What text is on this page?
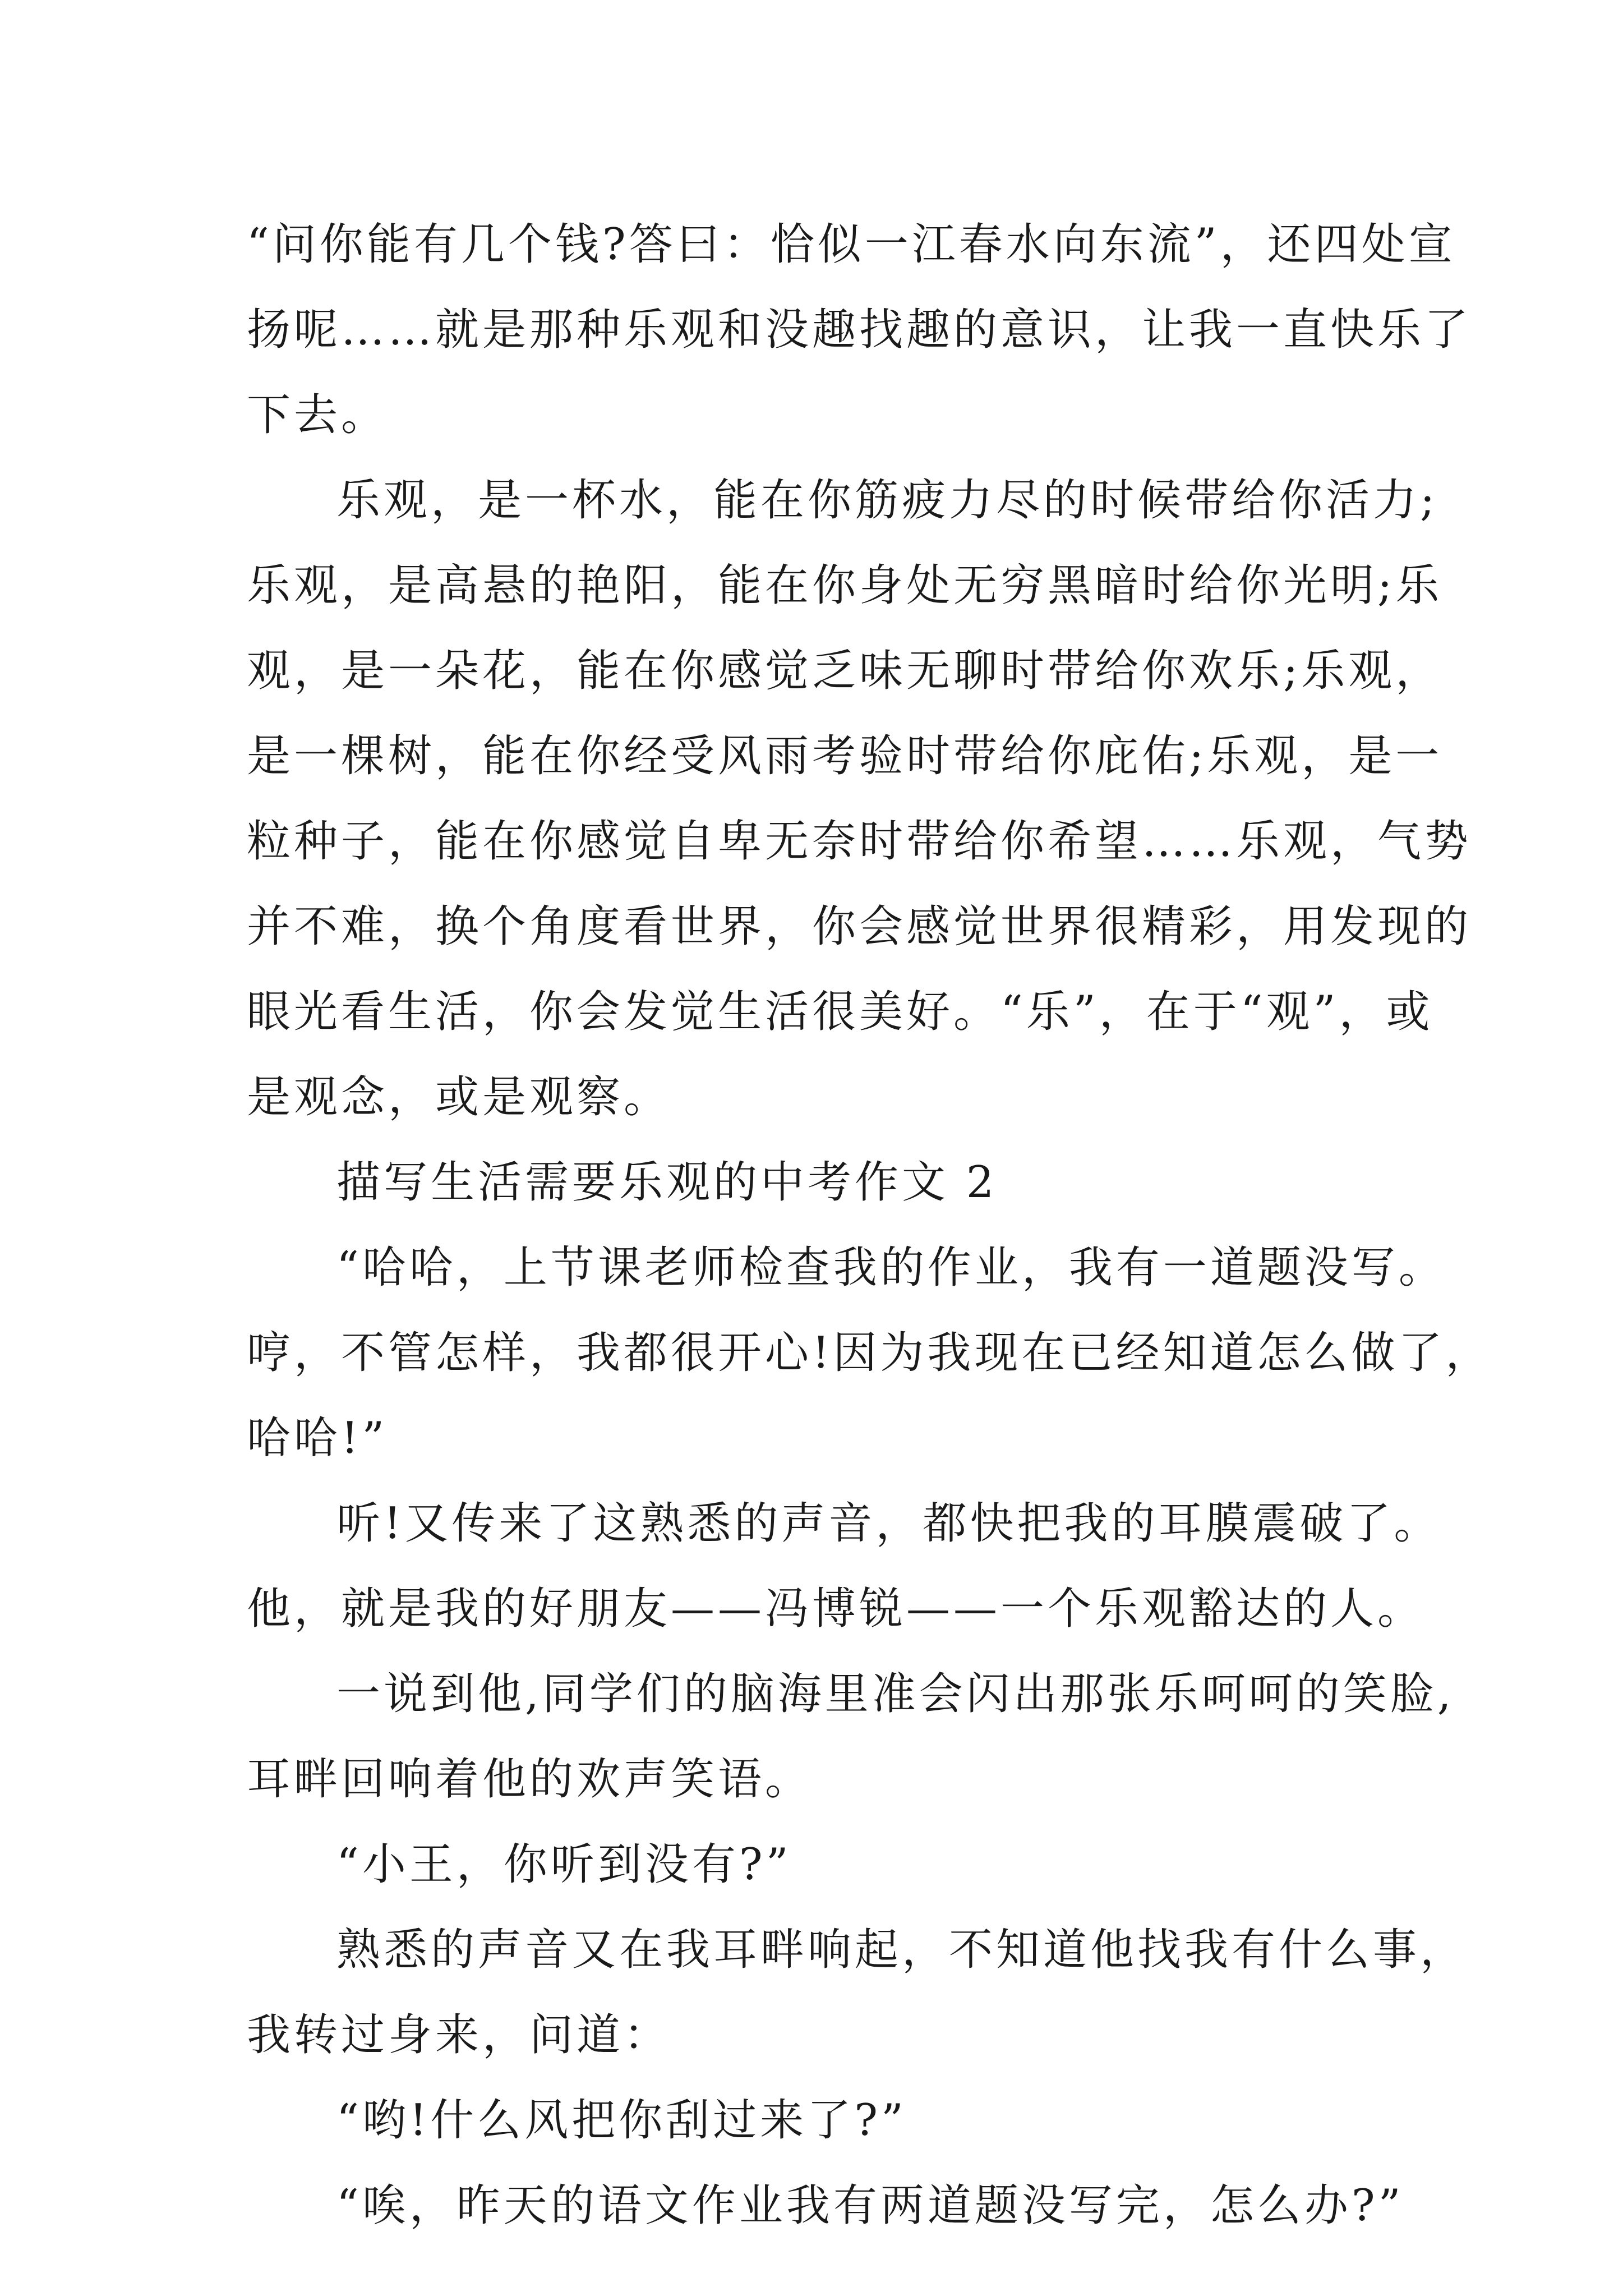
“问你能有几个钱?答曰：恰似一江春水向东流”，还四处宣
扬呢……就是那种乐观和没趣找趣的意识，让我一直快乐了
下去。
乐观，是一杯水，能在你筋疲力尽的时候带给你活力;
乐观，是高悬的艳阳，能在你身处无穷黑暗时给你光明;乐
观，是一朵花，能在你感觉乏味无聊时带给你欢乐;乐观，
是一棵树，能在你经受风雨考验时带给你庇佑;乐观，是一
粒种子，能在你感觉自卑无奈时带给你希望……乐观，气势
并不难，换个角度看世界，你会感觉世界很精彩，用发现的
眼光看生活，你会发觉生活很美好。“乐”，在于“观”，或
是观念，或是观察。
描写生活需要乐观的中考作文 2
“哈哈，上节课老师检查我的作业，我有一道题没写。
哼，不管怎样，我都很开心!因为我现在已经知道怎么做了，
哈哈!”
听!又传来了这熟悉的声音，都快把我的耳膜震破了。
他，就是我的好朋友——冯博锐——一个乐观豁达的人。
一说到他,同学们的脑海里准会闪出那张乐呵呵的笑脸,
耳畔回响着他的欢声笑语。
“小王，你听到没有?”
熟悉的声音又在我耳畔响起，不知道他找我有什么事，
我转过身来，问道：
“哟!什么风把你刮过来了?”
“唉，昨天的语文作业我有两道题没写完，怎么办?”
